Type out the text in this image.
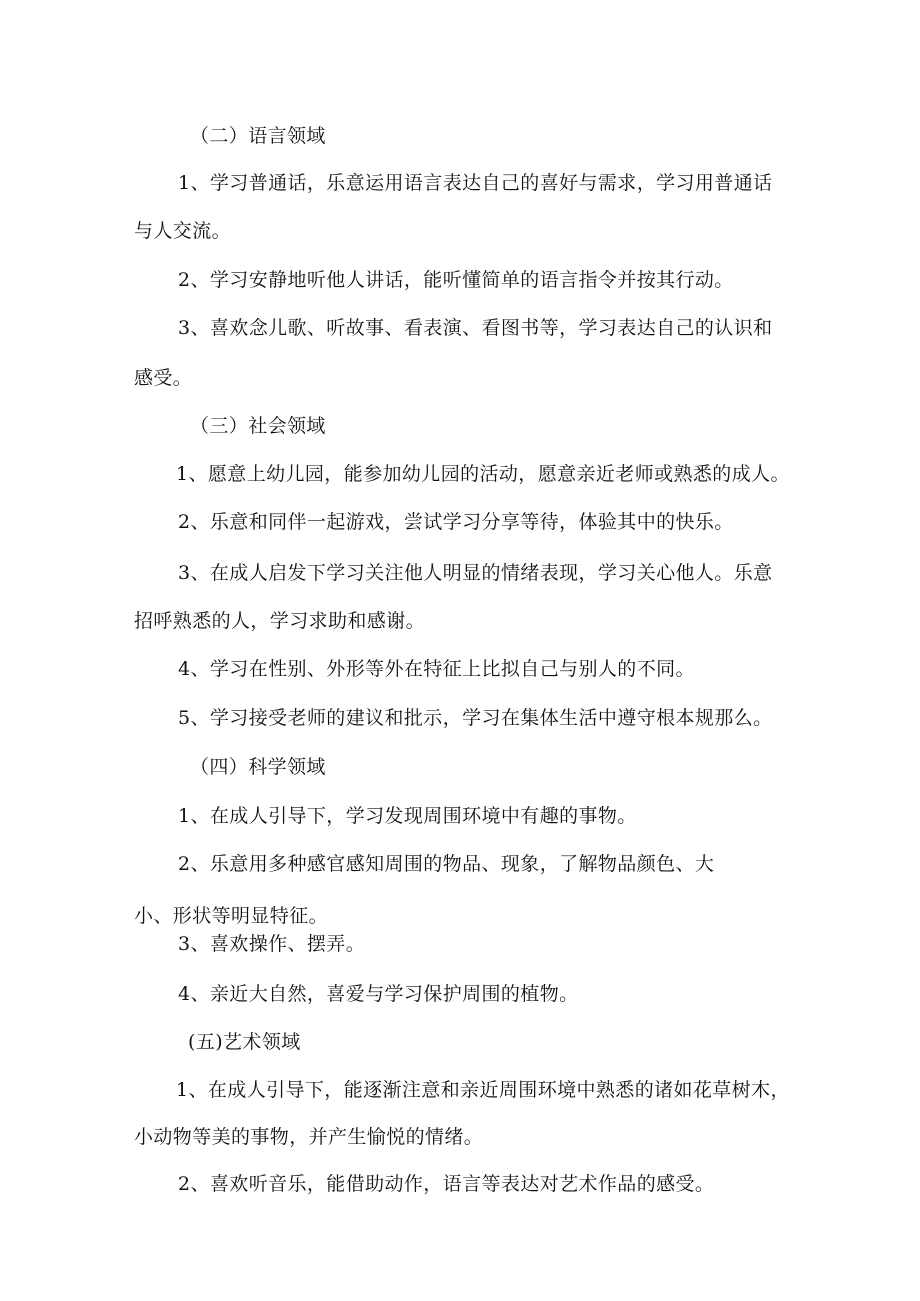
（二）语言领域

1、学习普通话，乐意运用语言表达自己的喜好与需求，学习用普通话

与人交流。

2、学习安静地听他人讲话，能听懂简单的语言指令并按其行动。

3、喜欢念儿歌、听故事、看表演、看图书等，学习表达自己的认识和

感受。

（三）社会领域

1、愿意上幼儿园，能参加幼儿园的活动，愿意亲近老师或熟悉的成人。

2、乐意和同伴一起游戏，尝试学习分享等待，体验其中的快乐。

3、在成人启发下学习关注他人明显的情绪表现，学习关心他人。乐意

招呼熟悉的人，学习求助和感谢。

4、学习在性别、外形等外在特征上比拟自己与别人的不同。

5、学习接受老师的建议和批示，学习在集体生活中遵守根本规那么。

（四）科学领域

1、在成人引导下，学习发现周围环境中有趣的事物。

2、乐意用多种感官感知周围的物品、现象，了解物品颜色、大

小、形状等明显特征。

3、喜欢操作、摆弄。

4、亲近大自然，喜爱与学习保护周围的植物。

(五)艺术领域

1、在成人引导下，能逐渐注意和亲近周围环境中熟悉的诸如花草树木，

小动物等美的事物，并产生愉悦的情绪。

2、喜欢听音乐，能借助动作，语言等表达对艺术作品的感受。
